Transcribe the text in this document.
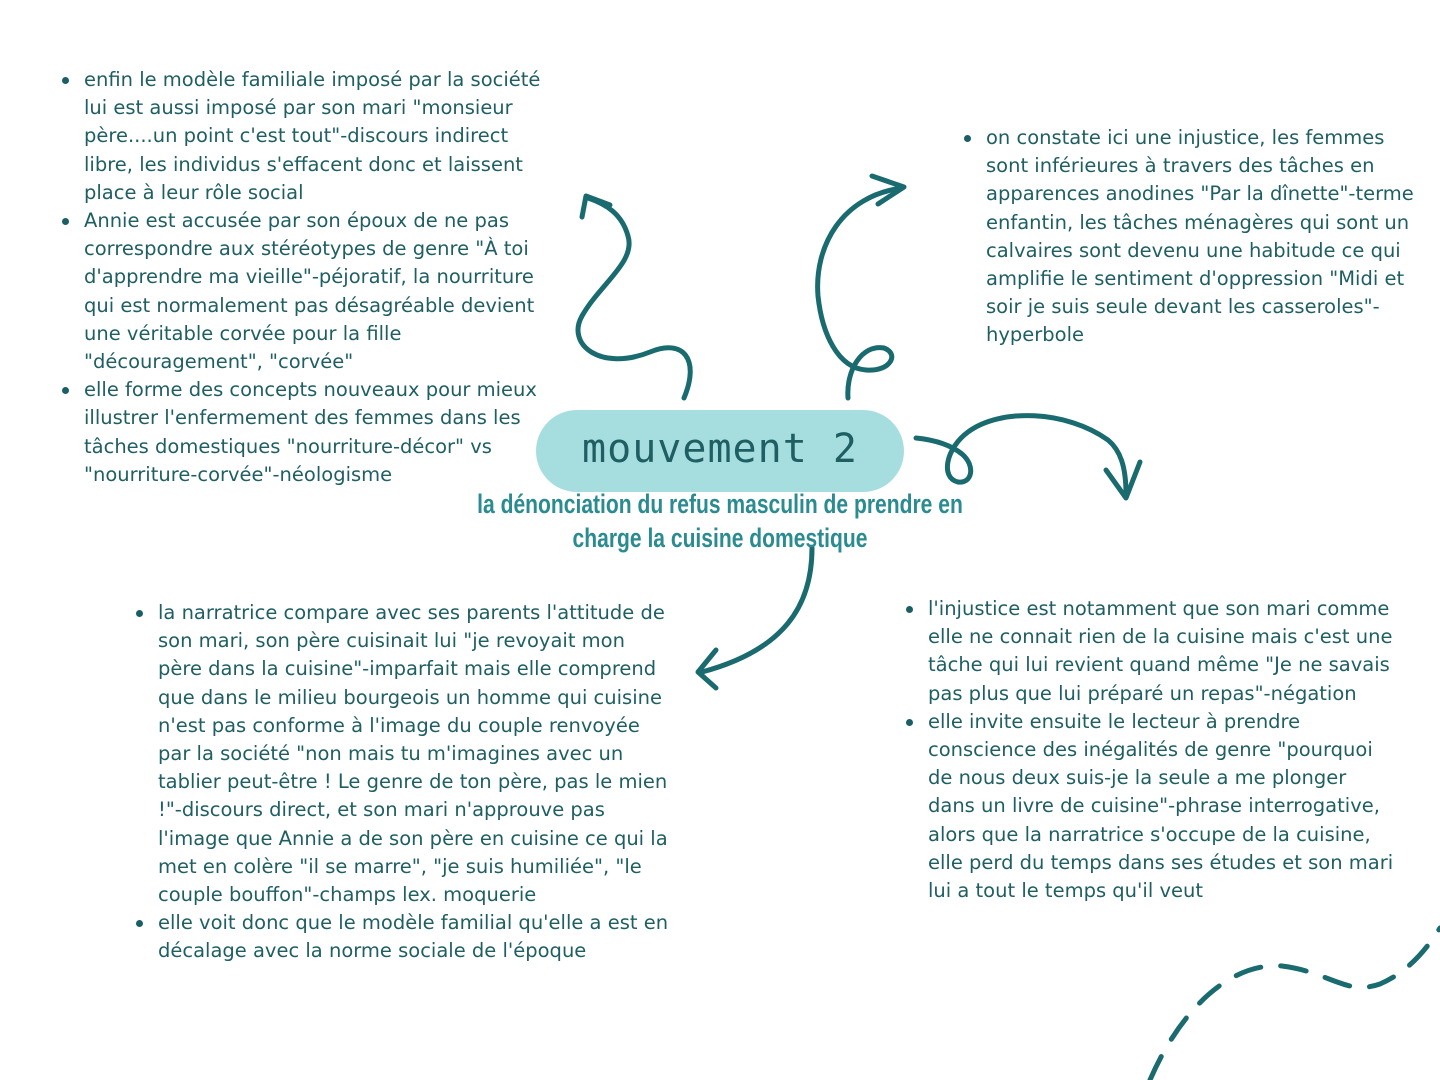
mouvement 2
la dénonciation du refus masculin de prendre en charge la cuisine domestique
enfin le modèle familiale imposé par la société lui est aussi imposé par son mari "monsieur père....un point c'est tout"-discours indirect libre, les individus s'effacent donc et laissent place à leur rôle social
Annie est accusée par son époux de ne pas correspondre aux stéréotypes de genre "À toi d'apprendre ma vieille"-péjoratif, la nourriture qui est normalement pas désagréable devient une véritable corvée pour la fille "découragement", "corvée"
elle forme des concepts nouveaux pour mieux illustrer l'enfermement des femmes dans les tâches domestiques "nourriture-décor" vs "nourriture-corvée"-néologisme
on constate ici une injustice, les femmes sont inférieures à travers des tâches en apparences anodines "Par la dînette"-terme enfantin, les tâches ménagères qui sont un calvaires sont devenu une habitude ce qui amplifie le sentiment d'oppression "Midi et soir je suis seule devant les casseroles"-hyperbole
la narratrice compare avec ses parents l'attitude de son mari, son père cuisinait lui "je revoyait mon père dans la cuisine"-imparfait mais elle comprend que dans le milieu bourgeois un homme qui cuisine n'est pas conforme à l'image du couple renvoyée par la société "non mais tu m'imagines avec un tablier peut-être ! Le genre de ton père, pas le mien !"-discours direct, et son mari n'approuve pas l'image que Annie a de son père en cuisine ce qui la met en colère "il se marre", "je suis humiliée", "le couple bouffon"-champs lex. moquerie
elle voit donc que le modèle familial qu'elle a est en décalage avec la norme sociale de l'époque
l'injustice est notamment que son mari comme elle ne connait rien de la cuisine mais c'est une tâche qui lui revient quand même "Je ne savais pas plus que lui préparé un repas"-négation
elle invite ensuite le lecteur à prendre conscience des inégalités de genre "pourquoi de nous deux suis-je la seule a me plonger dans un livre de cuisine"-phrase interrogative, alors que la narratrice s'occupe de la cuisine, elle perd du temps dans ses études et son mari lui a tout le temps qu'il veut
